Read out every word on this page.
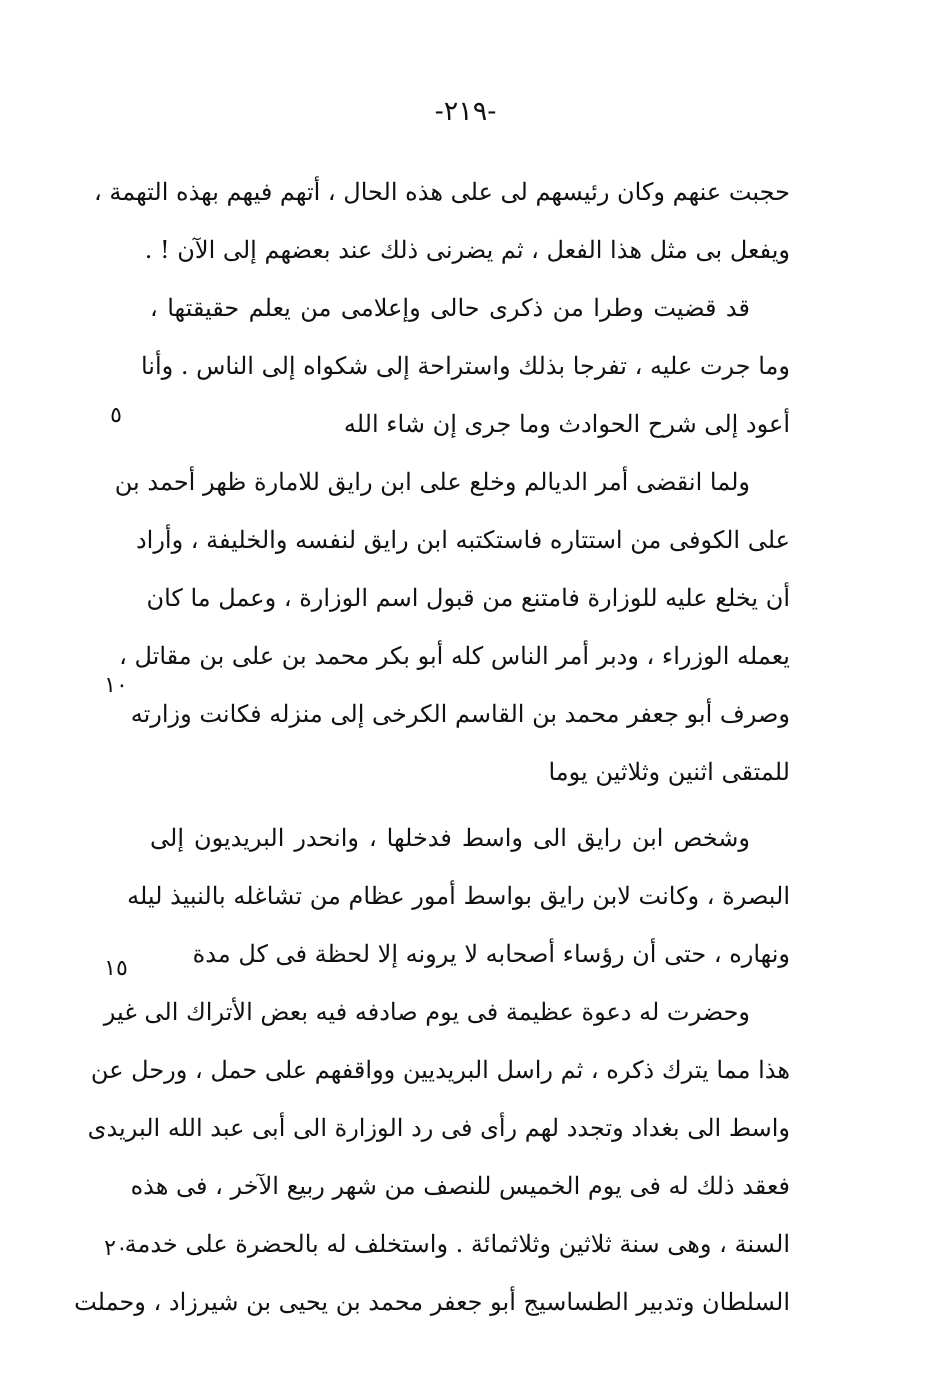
-٢١٩-
حجبت عنهم وكان رئيسهم لى على هذه الحال ، أتهم فيهم بهذه التهمة ،
ويفعل بى مثل هذا الفعل ، ثم يضرنى ذلك عند بعضهم إلى الآن ! .
قد قضيت وطرا من ذكرى حالى وإعلامى من يعلم حقيقتها ،
وما جرت عليه ، تفرجا بذلك واستراحة إلى شكواه إلى الناس . وأنا
أعود إلى شرح الحوادث وما جرى إن شاء الله
ولما انقضى أمر الديالم وخلع على ابن رايق للامارة ظهر أحمد بن
على الكوفى من استتاره فاستكتبه ابن رايق لنفسه والخليفة ، وأراد
أن يخلع عليه للوزارة فامتنع من قبول اسم الوزارة ، وعمل ما كان
يعمله الوزراء ، ودبر أمر الناس كله أبو بكر محمد بن على بن مقاتل ،
وصرف أبو جعفر محمد بن القاسم الكرخى إلى منزله فكانت وزارته
للمتقى اثنين وثلاثين يوما
وشخص ابن رايق الى واسط فدخلها ، وانحدر البريديون إلى
البصرة ، وكانت لابن رايق بواسط أمور عظام من تشاغله بالنبيذ ليله
ونهاره ، حتى أن رؤساء أصحابه لا يرونه إلا لحظة فى كل مدة
وحضرت له دعوة عظيمة فى يوم صادفه فيه بعض الأتراك الى غير
هذا مما يترك ذكره ، ثم راسل البريديين وواقفهم على حمل ، ورحل عن
واسط الى بغداد وتجدد لهم رأى فى رد الوزارة الى أبى عبد الله البريدى
فعقد ذلك له فى يوم الخميس للنصف من شهر ربيع الآخر ، فى هذه
السنة ، وهى سنة ثلاثين وثلاثمائة . واستخلف له بالحضرة على خدمة
السلطان وتدبير الطساسيج أبو جعفر محمد بن يحيى بن شيرزاد ، وحملت
٥
١٠
١٥
٢٠
